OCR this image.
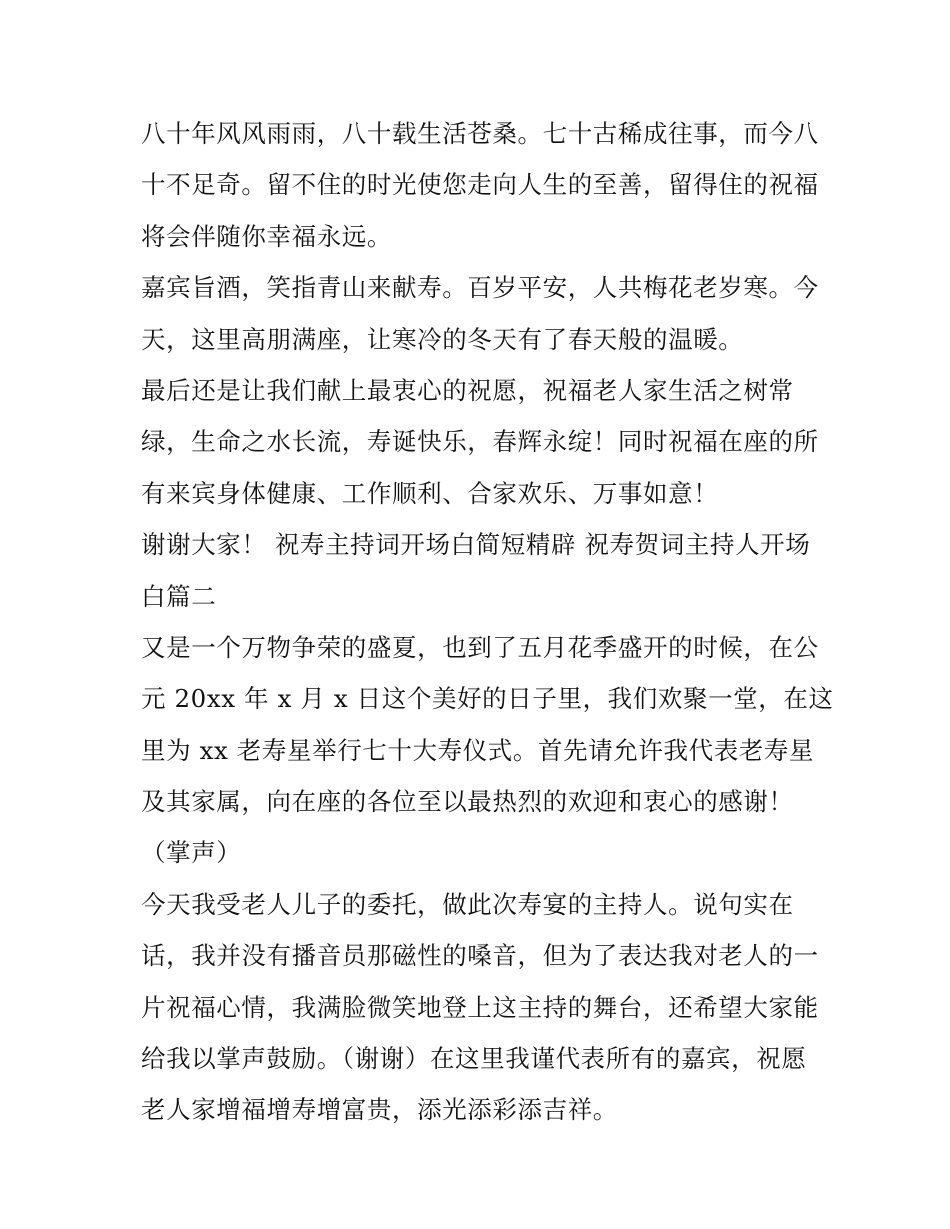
八十年风风雨雨，八十载生活苍桑。七十古稀成往事，而今八
十不足奇。留不住的时光使您走向人生的至善，留得住的祝福
将会伴随你幸福永远。
嘉宾旨酒，笑指青山来献寿。百岁平安，人共梅花老岁寒。今
天，这里高朋满座，让寒冷的冬天有了春天般的温暖。
最后还是让我们献上最衷心的祝愿，祝福老人家生活之树常
绿，生命之水长流，寿诞快乐，春辉永绽！同时祝福在座的所
有来宾身体健康、工作顺利、合家欢乐、万事如意！
谢谢大家！ 祝寿主持词开场白简短精辟 祝寿贺词主持人开场
白篇二
又是一个万物争荣的盛夏，也到了五月花季盛开的时候，在公
元 20xx 年 x 月 x 日这个美好的日子里，我们欢聚一堂，在这
里为 xx 老寿星举行七十大寿仪式。首先请允许我代表老寿星
及其家属，向在座的各位至以最热烈的欢迎和衷心的感谢！
（掌声）
今天我受老人儿子的委托，做此次寿宴的主持人。说句实在
话，我并没有播音员那磁性的嗓音，但为了表达我对老人的一
片祝福心情，我满脸微笑地登上这主持的舞台，还希望大家能
给我以掌声鼓励。（谢谢）在这里我谨代表所有的嘉宾，祝愿
老人家增福增寿增富贵，添光添彩添吉祥。
